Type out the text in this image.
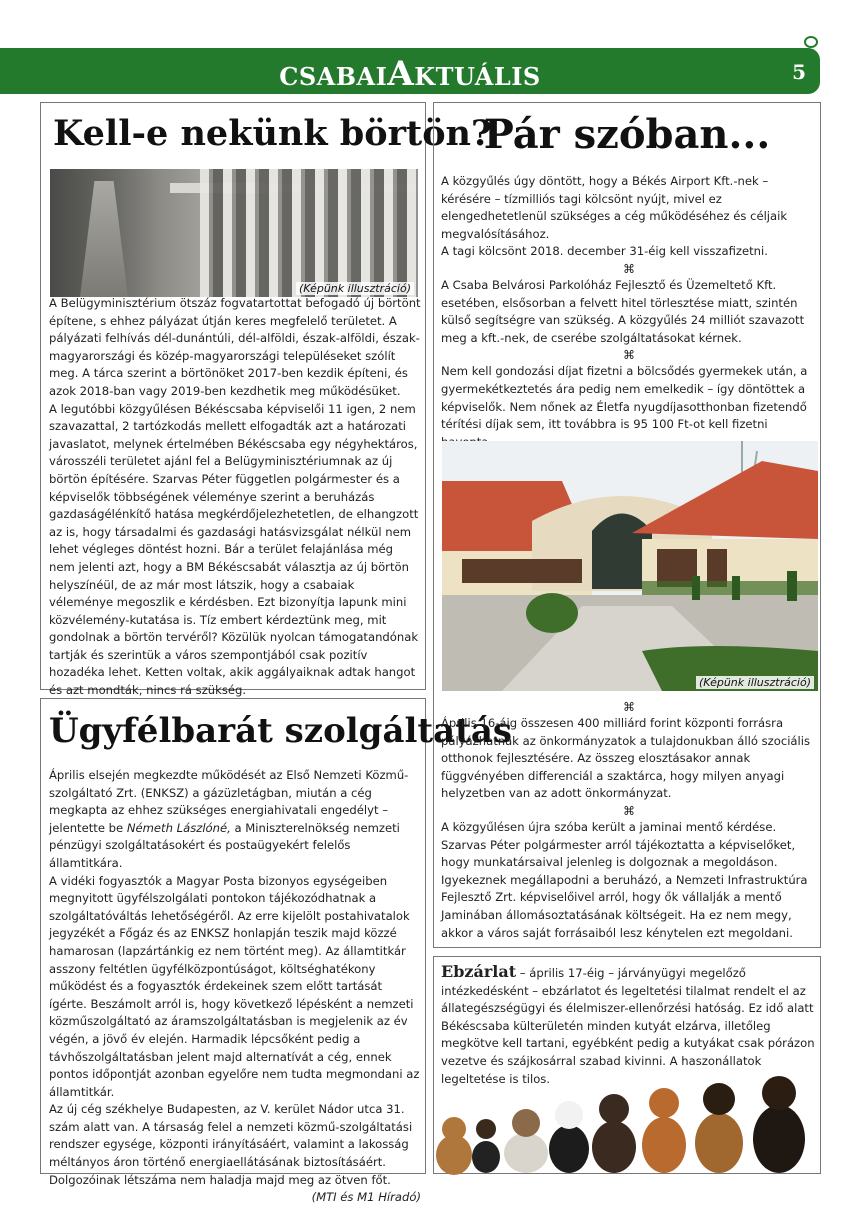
CSABAIAKTUÁLIS	5
Kell-e nekünk börtön?
(Képünk illusztráció)

A Belügyminisztérium ötszáz fogvatartottat befogadó új börtönt építene, s ehhez pályázat útján keres megfelelő területet. A pályázati felhívás dél-dunántúli, dél-alföldi, észak-alföldi, észak-magyarországi és közép-magyarországi településeket szólít meg. A tárca szerint a börtönöket 2017-ben kezdik építeni, és azok 2018-ban vagy 2019-ben kezdhetik meg működésüket.

A legutóbbi közgyűlésen Békéscsaba képviselői 11 igen, 2 nem szavazattal, 2 tartózkodás mellett elfogadták azt a határozati javaslatot, melynek értelmében Békéscsaba egy négyhektáros, városszéli területet ajánl fel a Belügyminisztériumnak az új börtön építésére. Szarvas Péter független polgármester és a képviselők többségének véleménye szerint a beruházás gazdaságélénkítő hatása megkérdőjelezhetetlen, de elhangzott az is, hogy társadalmi és gazdasági hatásvizsgálat nélkül nem lehet végleges döntést hozni. Bár a terület felajánlása még nem jelenti azt, hogy a BM Békéscsabát választja az új börtön helyszínéül, de az már most látszik, hogy a csabaiak véleménye megoszlik e kérdésben. Ezt bizonyítja lapunk mini közvélemény-kutatása is. Tíz embert kérdeztünk meg, mit gondolnak a börtön tervéről? Közülük nyolcan támogatandónak tartják és szerintük a város szempontjából csak pozitív hozadéka lehet. Ketten voltak, akik aggályaiknak adtak hangot és azt mondták, nincs rá szükség.

Ügyfélbarát szolgáltatás

Április elsején megkezdte működését az Első Nemzeti Közmű-szolgáltató Zrt. (ENKSZ) a gázüzletágban, miután a cég megkapta az ehhez szükséges energiahivatali engedélyt – jelentette be Németh Lászlóné, a Miniszterelnökség nemzeti pénzügyi szolgáltatásokért és postaügyekért felelős államtitkára.

A vidéki fogyasztók a Magyar Posta bizonyos egységeiben megnyitott ügyfélszolgálati pontokon tájékozódhatnak a szolgáltatóváltás lehetőségéről. Az erre kijelölt postahivatalok jegyzékét a Főgáz és az ENKSZ honlapján teszik majd közzé hamarosan (lapzártánkig ez nem történt meg). Az államtitkár asszony feltétlen ügyfélközpontúságot, költséghatékony működést és a fogyasztók érdekeinek szem előtt tartását ígérte. Beszámolt arról is, hogy következő lépésként a nemzeti közműszolgáltató az áramszolgáltatásban is megjelenik az év végén, a jövő év elején. Harmadik lépcsőként pedig a távhőszolgáltatásban jelent majd alternatívát a cég, ennek pontos időpontját azonban egyelőre nem tudta megmondani az államtitkár.

Az új cég székhelye Budapesten, az V. kerület Nádor utca 31. szám alatt van. A társaság felel a nemzeti közmű-szolgáltatási rendszer egysége, központi irányításáért, valamint a lakosság méltányos áron történő energiaellátásának biztosításáért. Dolgozóinak létszáma nem haladja majd meg az ötven főt.

(MTI és M1 Híradó)

Pár szóban...

A közgyűlés úgy döntött, hogy a Békés Airport Kft.-nek – kérésére – tízmilliós tagi kölcsönt nyújt, mivel ez elengedhetetlenül szükséges a cég működéséhez és céljaik megvalósításához.

A tagi kölcsönt 2018. december 31-éig kell visszafizetni.

⌘

A Csaba Belvárosi Parkolóház Fejlesztő és Üzemeltető Kft. esetében, elsősorban a felvett hitel törlesztése miatt, szintén külső segítségre van szükség. A közgyűlés 24 milliót szavazott meg a kft.-nek, de cserébe szolgáltatásokat kérnek.

⌘

Nem kell gondozási díjat fizetni a bölcsődés gyermekek után, a gyermekétkeztetés ára pedig nem emelkedik – így döntöttek a képviselők. Nem nőnek az Életfa nyugdíjasotthonban fizetendő térítési díjak sem, itt továbbra is 95 100 Ft-ot kell fizetni

(Képünk illusztráció)

⌘

Április 16-áig összesen 400 milliárd forint központi forrásra pályázhatnak az önkormányzatok a tulajdonukban álló szociális otthonok fejlesztésére. Az összeg elosztásakor annak függvényében differenciál a szaktárca, hogy milyen anyagi helyzetben van az adott önkormányzat.

⌘

A közgyűlésen újra szóba került a jaminai mentő kérdése. Szarvas Péter polgármester arról tájékoztatta a képviselőket, hogy munkatársaival jelenleg is dolgoznak a megoldáson. Igyekeznek megállapodni a beruházó, a Nemzeti Infrastruktúra Fejlesztő Zrt. képviselőivel arról, hogy ők vállalják a mentő Jaminában állomásoztatásának költségeit. Ha ez nem megy, akkor a város saját forrásaiból lesz kénytelen ezt megoldani.

Ebzárlat – április 17-éig – járványügyi megelőző intézkedésként – ebzárlatot és legeltetési tilalmat rendelt el az állategészségügyi és élelmiszer-ellenőrzési hatóság. Ez idő alatt Békéscsaba külterületén minden kutyát elzárva, illetőleg megkötve kell tartani, egyébként pedig a kutyákat csak pórázon vezetve és szájkosárral szabad kivinni. A haszonállatok legeltetése is tilos.
